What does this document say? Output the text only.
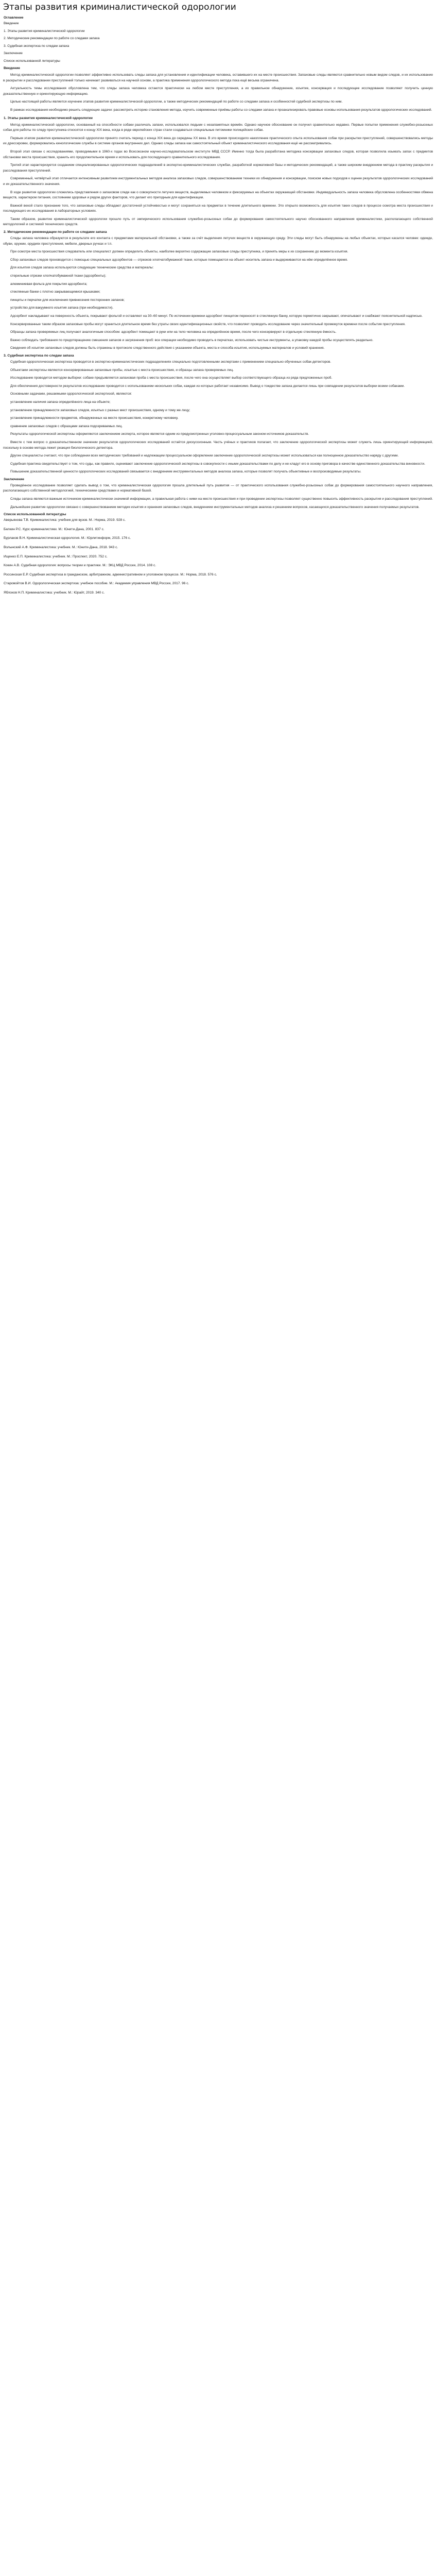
Этапы развития криминалистической одорологии
Оглавление
Введение
1. Этапы развития криминалистической одорологии
2. Методические рекомендации по работе со следами запаха
3. Судебная экспертиза по следам запаха
Заключение
Список использованной литературы
Введение

Метод криминалистической одорологии позволяет эффективно использовать следы запаха для установления и идентификации человека, оставившего их на месте происшествия. Запаховые следы являются сравнительно новым видом следов, и их использование в раскрытии и расследовании преступлений только начинает развиваться на научной основе, а практика применения одорологического метода пока ещё весьма ограничена.

Актуальность темы исследования обусловлена тем, что следы запаха человека остаются практически на любом месте преступления, а их правильное обнаружение, изъятие, консервация и последующее исследование позволяют получить ценную доказательственную и ориентирующую информацию.

Целью настоящей работы является изучение этапов развития криминалистической одорологии, а также методических рекомендаций по работе со следами запаха и особенностей судебной экспертизы по ним.

В рамках исследования необходимо решить следующие задачи: рассмотреть историю становления метода, изучить современные приёмы работы со следами запаха и проанализировать правовые основы использования результатов одорологических исследований.

1. Этапы развития криминалистической одорологии

Метод криминалистической одорологии, основанный на способности собаки различать запахи, использовался людьми с незапамятных времён. Однако научное обоснование он получил сравнительно недавно. Первые попытки применения служебно-розыскных собак для работы по следу преступника относятся к концу XIX века, когда в ряде европейских стран стали создаваться специальные питомники полицейских собак.

Первым этапом развития криминалистической одорологии принято считать период с конца XIX века до середины XX века. В это время происходило накопление практического опыта использования собак при раскрытии преступлений, совершенствовались методы их дрессировки, формировались кинологические службы в системе органов внутренних дел. Однако следы запаха как самостоятельный объект криминалистического исследования ещё не рассматривались.

Второй этап связан с исследованиями, проводимыми в 1960-х годах во Всесоюзном научно-исследовательском институте МВД СССР. Именно тогда была разработана методика консервации запаховых следов, которая позволила изымать запах с предметов обстановки места происшествия, хранить его продолжительное время и использовать для последующего сравнительного исследования.

Третий этап характеризуется созданием специализированных одорологических подразделений в экспертно-криминалистических службах, разработкой нормативной базы и методических рекомендаций, а также широким внедрением метода в практику раскрытия и расследования преступлений.

Современный, четвёртый этап отличается интенсивным развитием инструментальных методов анализа запаховых следов, совершенствованием техники их обнаружения и консервации, поиском новых подходов к оценке результатов одорологических исследований и их доказательственного значения.

В ходе развития одорологии сложились представления о запаховом следе как о совокупности летучих веществ, выделяемых человеком и фиксируемых на объектах окружающей обстановки. Индивидуальность запаха человека обусловлена особенностями обмена веществ, характером питания, состоянием здоровья и рядом других факторов, что делает его пригодным для идентификации.

Важной вехой стало признание того, что запаховые следы обладают достаточной устойчивостью и могут сохраняться на предметах в течение длительного времени. Это открыло возможность для изъятия таких следов в процессе осмотра места происшествия и последующего их исследования в лабораторных условиях.

Таким образом, развитие криминалистической одорологии прошло путь от эмпирического использования служебно-розыскных собак до формирования самостоятельного научно обоснованного направления криминалистики, располагающего собственной методологией и системой технических средств.

2. Методические рекомендации по работе со следами запаха

Следы запаха человека образуются в результате его контакта с предметами материальной обстановки, а также за счёт выделения летучих веществ в окружающую среду. Эти следы могут быть обнаружены на любых объектах, которых касался человек: одежде, обуви, оружии, орудиях преступления, мебели, дверных ручках и т.п.

При осмотре места происшествия следователь или специалист должен определить объекты, наиболее вероятно содержащие запаховые следы преступника, и принять меры к их сохранению до момента изъятия.

Сбор запаховых следов производится с помощью специальных адсорбентов — отрезков хлопчатобумажной ткани, которые помещаются на объект-носитель запаха и выдерживаются на нём определённое время.

Для изъятия следов запаха используются следующие технические средства и материалы:

стерильные отрезки хлопчатобумажной ткани (адсорбенты);
алюминиевая фольга для покрытия адсорбента;
стеклянные банки с плотно закрывающимися крышками;
пинцеты и перчатки для исключения привнесения посторонних запахов;
устройство для вакуумного изъятия запаха (при необходимости).

Адсорбент накладывают на поверхность объекта, покрывают фольгой и оставляют на 30–60 минут. По истечении времени адсорбент пинцетом переносят в стеклянную банку, которую герметично закрывают, опечатывают и снабжают пояснительной надписью.

Консервированные таким образом запаховые пробы могут храниться длительное время без утраты своих идентификационных свойств, что позволяет проводить исследование через значительный промежуток времени после события преступления.

Образцы запаха проверяемых лиц получают аналогичным способом: адсорбент помещают в руки или на тело человека на определённое время, после чего консервируют в отдельную стеклянную ёмкость.

Важно соблюдать требования по предотвращению смешения запахов и загрязнения проб: все операции необходимо проводить в перчатках, использовать чистые инструменты, а упаковку каждой пробы осуществлять раздельно.

Сведения об изъятии запаховых следов должны быть отражены в протоколе следственного действия с указанием объекта, места и способа изъятия, используемых материалов и условий хранения.

3. Судебная экспертиза по следам запаха

Судебная одорологическая экспертиза проводится в экспертно-криминалистических подразделениях специально подготовленными экспертами с применением специально обученных собак-детекторов.

Объектами экспертизы являются консервированные запаховые пробы, изъятые с места происшествия, и образцы запаха проверяемых лиц.

Исследование проводится методом выборки: собаке предъявляется запаховая проба с места происшествия, после чего она осуществляет выбор соответствующего образца из ряда предложенных проб.

Для обеспечения достоверности результатов исследование проводится с использованием нескольких собак, каждая из которых работает независимо. Вывод о тождестве запаха делается лишь при совпадении результатов выборки всеми собаками.

Основными задачами, решаемыми одорологической экспертизой, являются:

установление наличия запаха определённого лица на объекте;
установление принадлежности запаховых следов, изъятых с разных мест происшествия, одному и тому же лицу;
установление принадлежности предметов, обнаруженных на месте происшествия, конкретному человеку.
сравнение запаховых следов с образцами запаха подозреваемых лиц.

Результаты одорологической экспертизы оформляются заключением эксперта, которое является одним из предусмотренных уголовно-процессуальным законом источников доказательств.

Вместе с тем вопрос о доказательственном значении результатов одорологических исследований остаётся дискуссионным. Часть учёных и практиков полагает, что заключение одорологической экспертизы может служить лишь ориентирующей информацией, поскольку в основе метода лежит реакция биологического детектора.

Другие специалисты считают, что при соблюдении всех методических требований и надлежащем процессуальном оформлении заключение одорологической экспертизы может использоваться как полноценное доказательство наряду с другими.

Судебная практика свидетельствует о том, что суды, как правило, оценивают заключение одорологической экспертизы в совокупности с иными доказательствами по делу и не кладут его в основу приговора в качестве единственного доказательства виновности.

Повышение доказательственной ценности одорологических исследований связывается с внедрением инструментальных методов анализа запаха, которые позволят получать объективные и воспроизводимые результаты.

Заключение

Проведённое исследование позволяет сделать вывод о том, что криминалистическая одорология прошла длительный путь развития — от практического использования служебно-розыскных собак до формирования самостоятельного научного направления, располагающего собственной методологией, техническими средствами и нормативной базой.

Следы запаха являются важным источником криминалистически значимой информации, а правильная работа с ними на месте происшествия и при проведении экспертизы позволяет существенно повысить эффективность раскрытия и расследования преступлений.

Дальнейшее развитие одорологии связано с совершенствованием методик изъятия и хранения запаховых следов, внедрением инструментальных методов анализа и решением вопросов, касающихся доказательственного значения получаемых результатов.

Список использованной литературы
Аверьянова Т.В. Криминалистика: учебник для вузов. М.: Норма, 2019. 928 с.
Белкин Р.С. Курс криминалистики. М.: Юнити-Дана, 2001. 837 с.
Бурлаков В.Н. Криминалистическая одорология. М.: Юрлитинформ, 2015. 176 с.
Волынский А.Ф. Криминалистика: учебник. М.: Юнити-Дана, 2018. 943 с.
Ищенко Е.П. Криминалистика: учебник. М.: Проспект, 2020. 752 с.
Кокин А.В. Судебная одорология: вопросы теории и практики. М.: ЭКЦ МВД России, 2014. 108 с.
Россинская Е.Р. Судебная экспертиза в гражданском, арбитражном, административном и уголовном процессе. М.: Норма, 2018. 576 с.
Старовойтов В.И. Одорологическая экспертиза: учебное пособие. М.: Академия управления МВД России, 2017. 96 с.
Яблоков Н.П. Криминалистика: учебник. М.: Юрайт, 2019. 340 с.
